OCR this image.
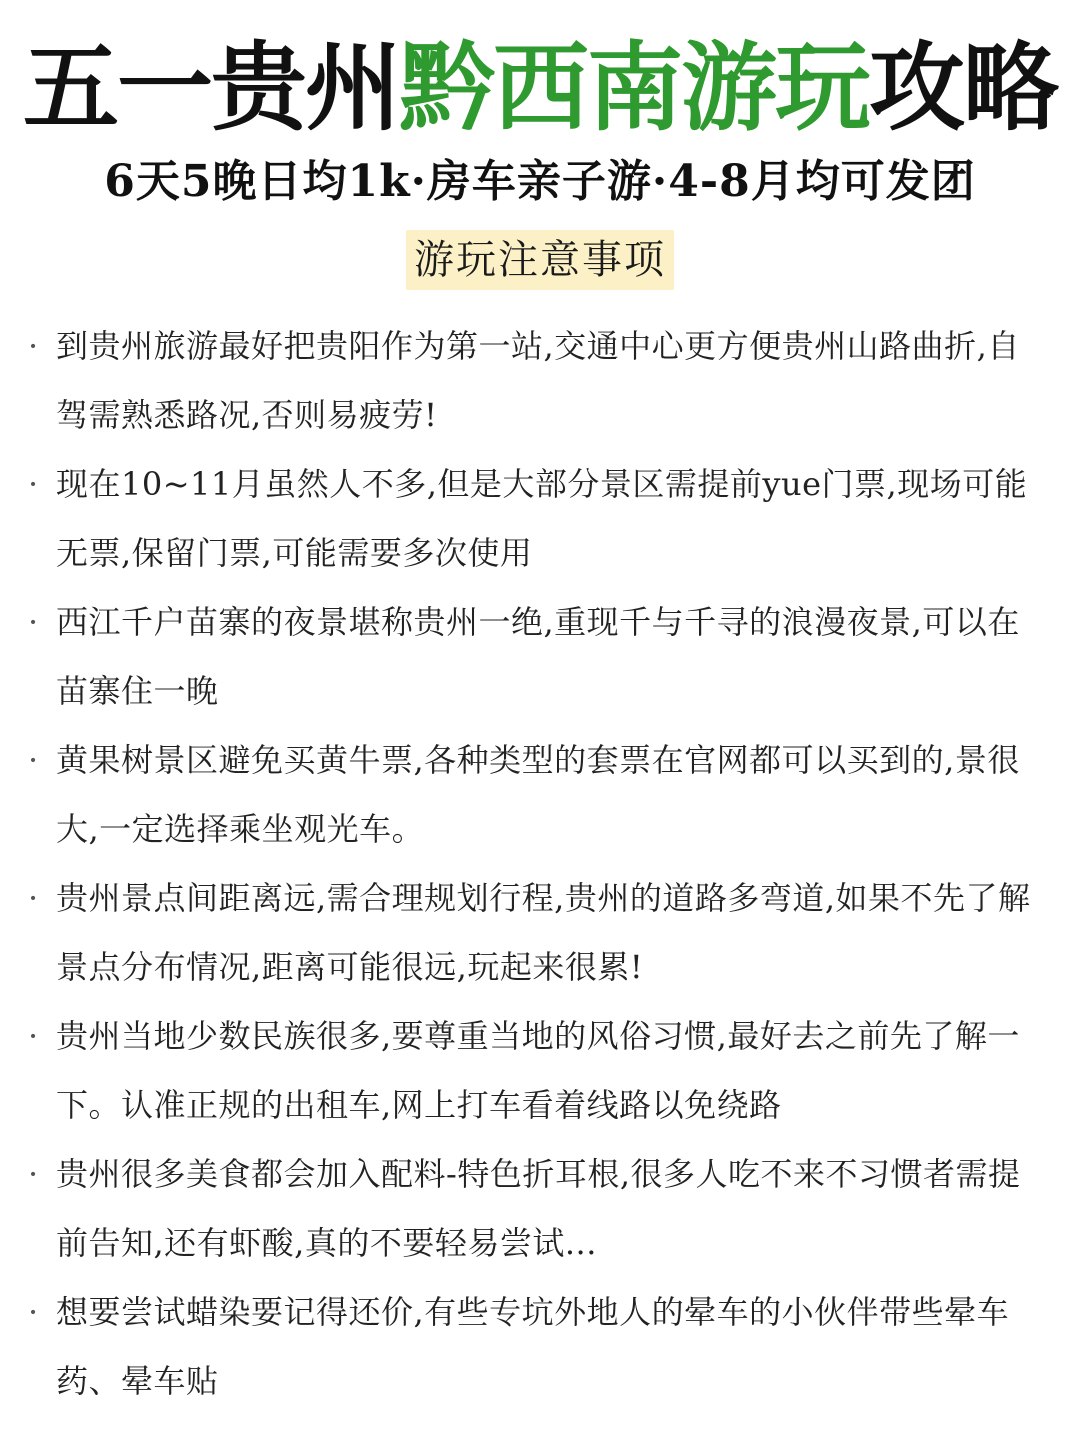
五一贵州黔西南游玩攻略
6天5晚日均1k·房车亲子游·4-8月均可发团
游玩注意事项
· 到贵州旅游最好把贵阳作为第一站,交通中心更方便贵州山路曲折,自驾需熟悉路况,否则易疲劳!
· 现在10~11月虽然人不多,但是大部分景区需提前yue门票,现场可能无票,保留门票,可能需要多次使用
· 西江千户苗寨的夜景堪称贵州一绝,重现千与千寻的浪漫夜景,可以在苗寨住一晚
· 黄果树景区避免买黄牛票,各种类型的套票在官网都可以买到的,景很大,一定选择乘坐观光车。
· 贵州景点间距离远,需合理规划行程,贵州的道路多弯道,如果不先了解景点分布情况,距离可能很远,玩起来很累!
· 贵州当地少数民族很多,要尊重当地的风俗习惯,最好去之前先了解一下。认准正规的出租车,网上打车看着线路以免绕路
· 贵州很多美食都会加入配料-特色折耳根,很多人吃不来不习惯者需提前告知,还有虾酸,真的不要轻易尝试...
· 想要尝试蜡染要记得还价,有些专坑外地人的晕车的小伙伴带些晕车药、晕车贴
